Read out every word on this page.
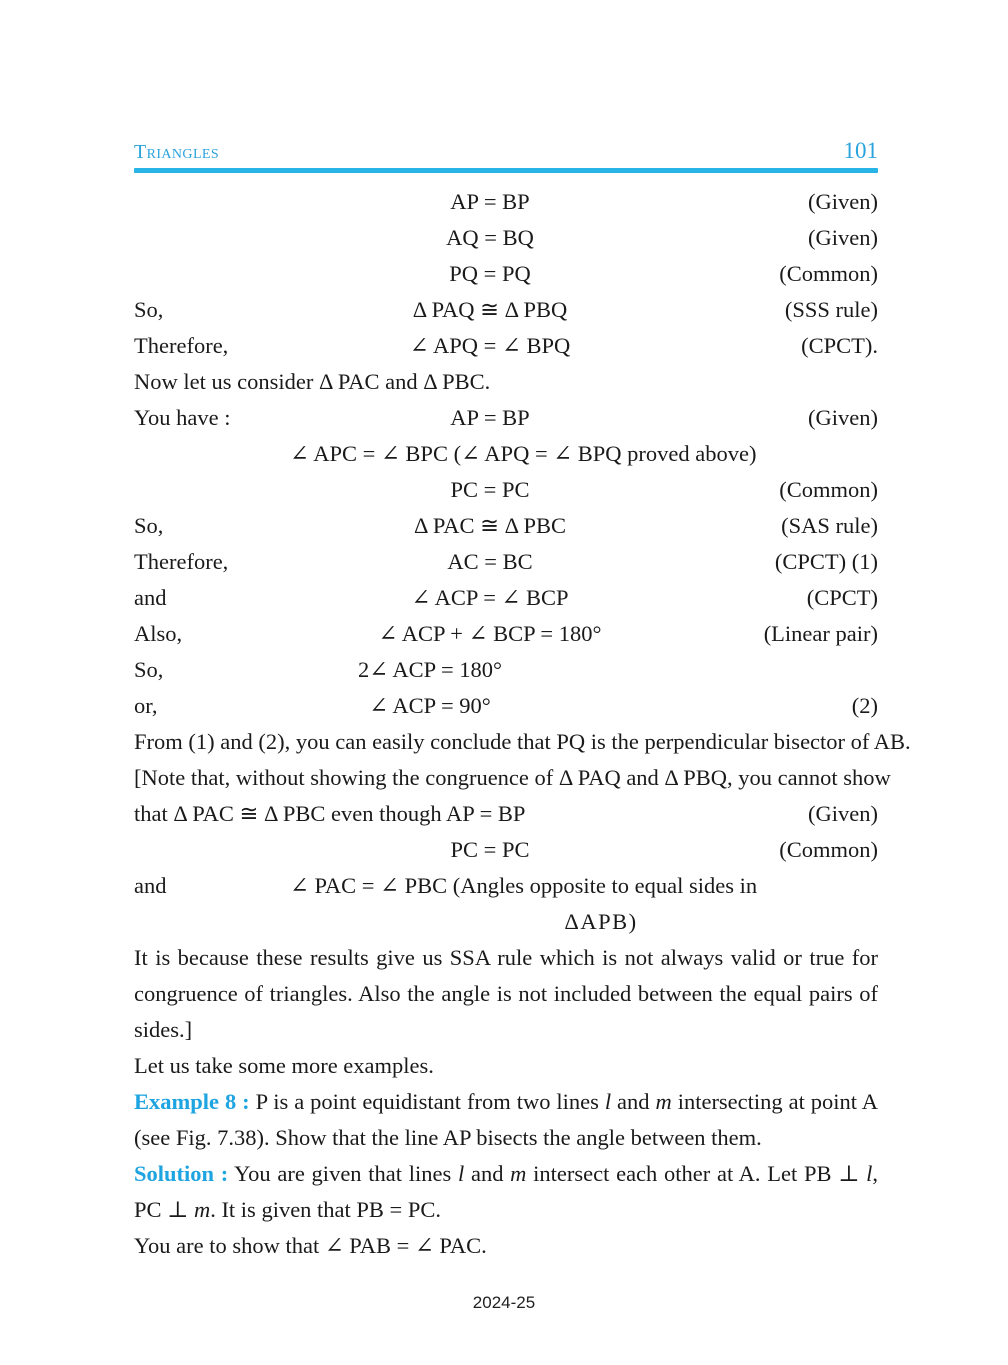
Triangles	101
AP = BP	(Given)
AQ = BQ	(Given)
PQ = PQ	(Common)
So,	Δ PAQ ≅ Δ PBQ	(SSS rule)
Therefore,	∠ APQ = ∠ BPQ	(CPCT).
Now let us consider Δ PAC and Δ PBC.
You have :	AP = BP	(Given)
∠ APC = ∠ BPC (∠ APQ = ∠ BPQ proved above)
PC = PC	(Common)
So,	Δ PAC ≅ Δ PBC	(SAS rule)
Therefore,	AC = BC	(CPCT) (1)
and	∠ ACP = ∠ BCP	(CPCT)
Also,	∠ ACP + ∠ BCP = 180°	(Linear pair)
So,	2∠ ACP = 180°
or,	∠ ACP = 90°	(2)
From (1) and (2), you can easily conclude that PQ is the perpendicular bisector of AB.
[Note that, without showing the congruence of Δ PAQ and Δ PBQ, you cannot show
that Δ PAC ≅ Δ PBC even though AP = BP	(Given)
PC = PC	(Common)
and	∠ PAC = ∠ PBC (Angles opposite to equal sides in
ΔAPB)

It is because these results give us SSA rule which is not always valid or true for congruence of triangles. Also the angle is not included between the equal pairs of sides.]

Let us take some more examples.

Example 8 : P is a point equidistant from two lines l and m intersecting at point A (see Fig. 7.38). Show that the line AP bisects the angle between them.

Solution : You are given that lines l and m intersect each other at A. Let PB ⊥ l, PC ⊥ m. It is given that PB = PC.

You are to show that ∠ PAB = ∠ PAC.
2024-25
